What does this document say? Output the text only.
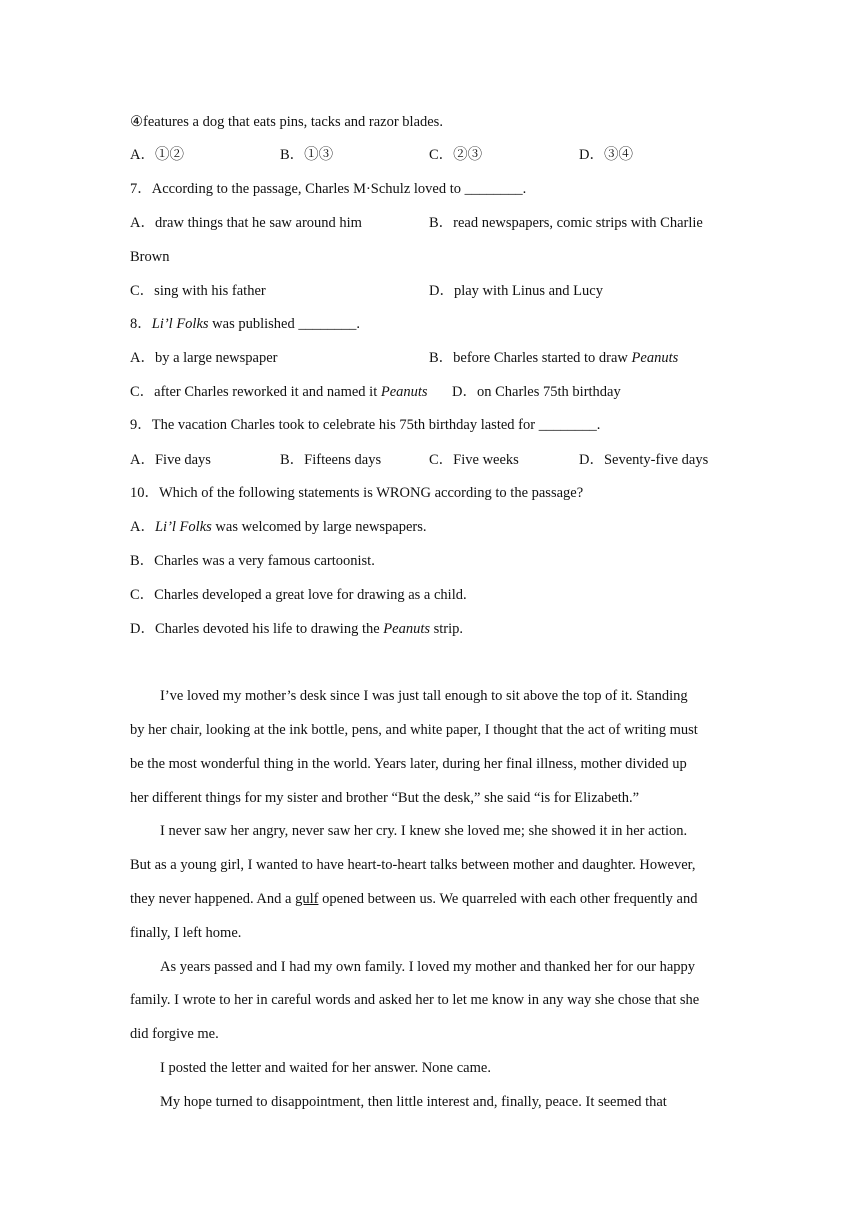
④features a dog that eats pins, tacks and razor blades.
A．①②	B．①③	C．②③	D．③④
7．According to the passage, Charles M·Schulz loved to ________.
A．draw things that he saw around him	B．read newspapers, comic strips with Charlie
Brown
C．sing with his father	D．play with Linus and Lucy
8．Li’l Folks was published ________.
A．by a large newspaper	B．before Charles started to draw Peanuts
C．after Charles reworked it and named it Peanuts D．on Charles 75th birthday
9．The vacation Charles took to celebrate his 75th birthday lasted for ________.
A．Five days	B．Fifteens days	C．Five weeks	D．Seventy-five days
10．Which of the following statements is WRONG according to the passage?
A．Li’l Folks was welcomed by large newspapers.
B．Charles was a very famous cartoonist.
C．Charles developed a great love for drawing as a child.
D．Charles devoted his life to drawing the Peanuts strip.
I’ve loved my mother’s desk since I was just tall enough to sit above the top of it. Standing
by her chair, looking at the ink bottle, pens, and white paper, I thought that the act of writing must
be the most wonderful thing in the world. Years later, during her final illness, mother divided up
her different things for my sister and brother “But the desk,” she said “is for Elizabeth.”
I never saw her angry, never saw her cry. I knew she loved me; she showed it in her action.
But as a young girl, I wanted to have heart-to-heart talks between mother and daughter. However,
they never happened. And a gulf opened between us. We quarreled with each other frequently and
finally, I left home.
As years passed and I had my own family. I loved my mother and thanked her for our happy
family. I wrote to her in careful words and asked her to let me know in any way she chose that she
did forgive me.
I posted the letter and waited for her answer. None came.
My hope turned to disappointment, then little interest and, finally, peace. It seemed that
